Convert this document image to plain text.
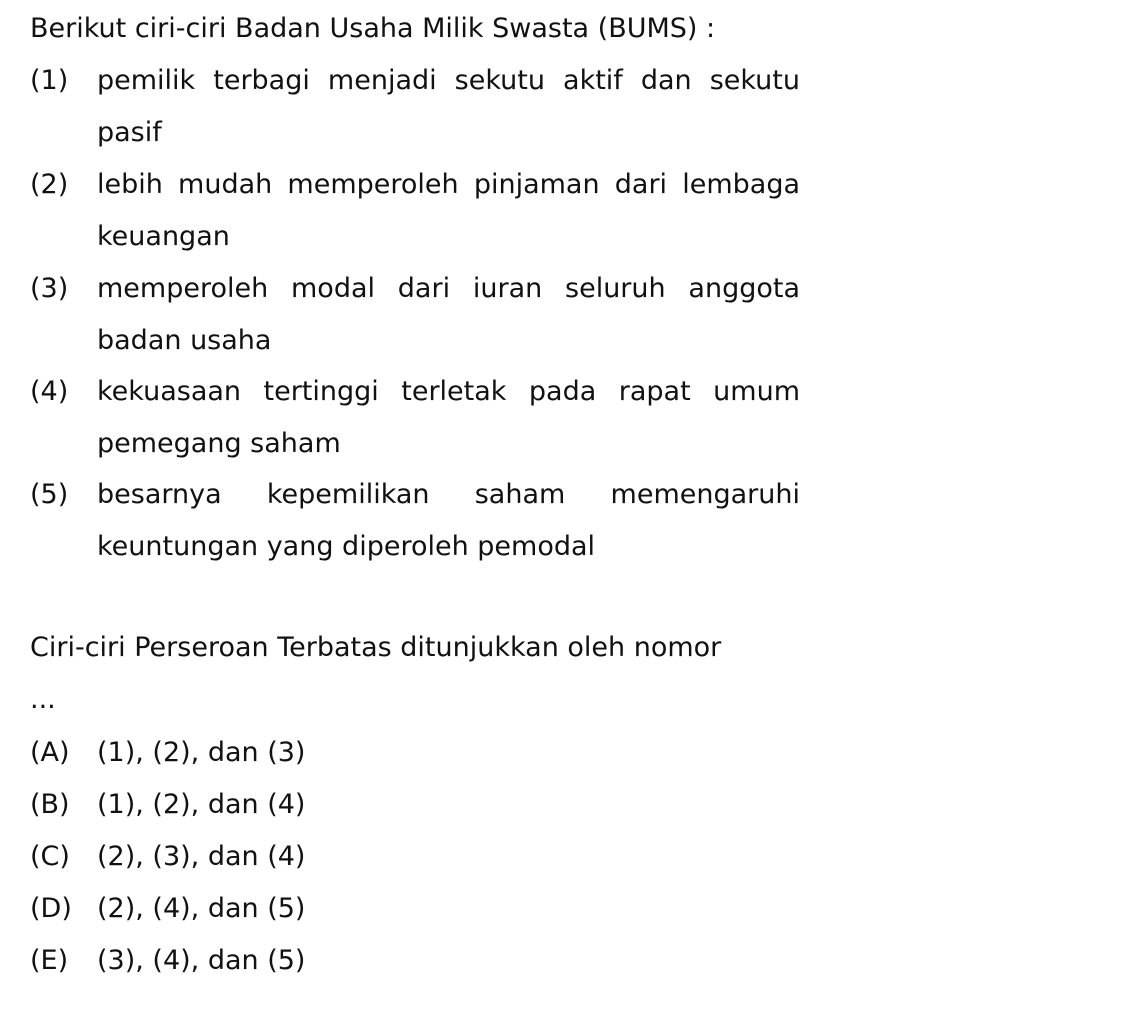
Berikut ciri-ciri Badan Usaha Milik Swasta (BUMS) :
(1)	pemilik terbagi menjadi sekutu aktif dan sekutu pasif
(2)	lebih mudah memperoleh pinjaman dari lembaga keuangan
(3)	memperoleh modal dari iuran seluruh anggota badan usaha
(4)	kekuasaan tertinggi terletak pada rapat umum pemegang saham
(5)	besarnya kepemilikan saham memengaruhi keuntungan yang diperoleh pemodal
Ciri-ciri Perseroan Terbatas ditunjukkan oleh nomor
...
(A)	(1), (2), dan (3)
(B)	(1), (2), dan (4)
(C)	(2), (3), dan (4)
(D) (2), (4), dan (5)
(E)	(3), (4), dan (5)
